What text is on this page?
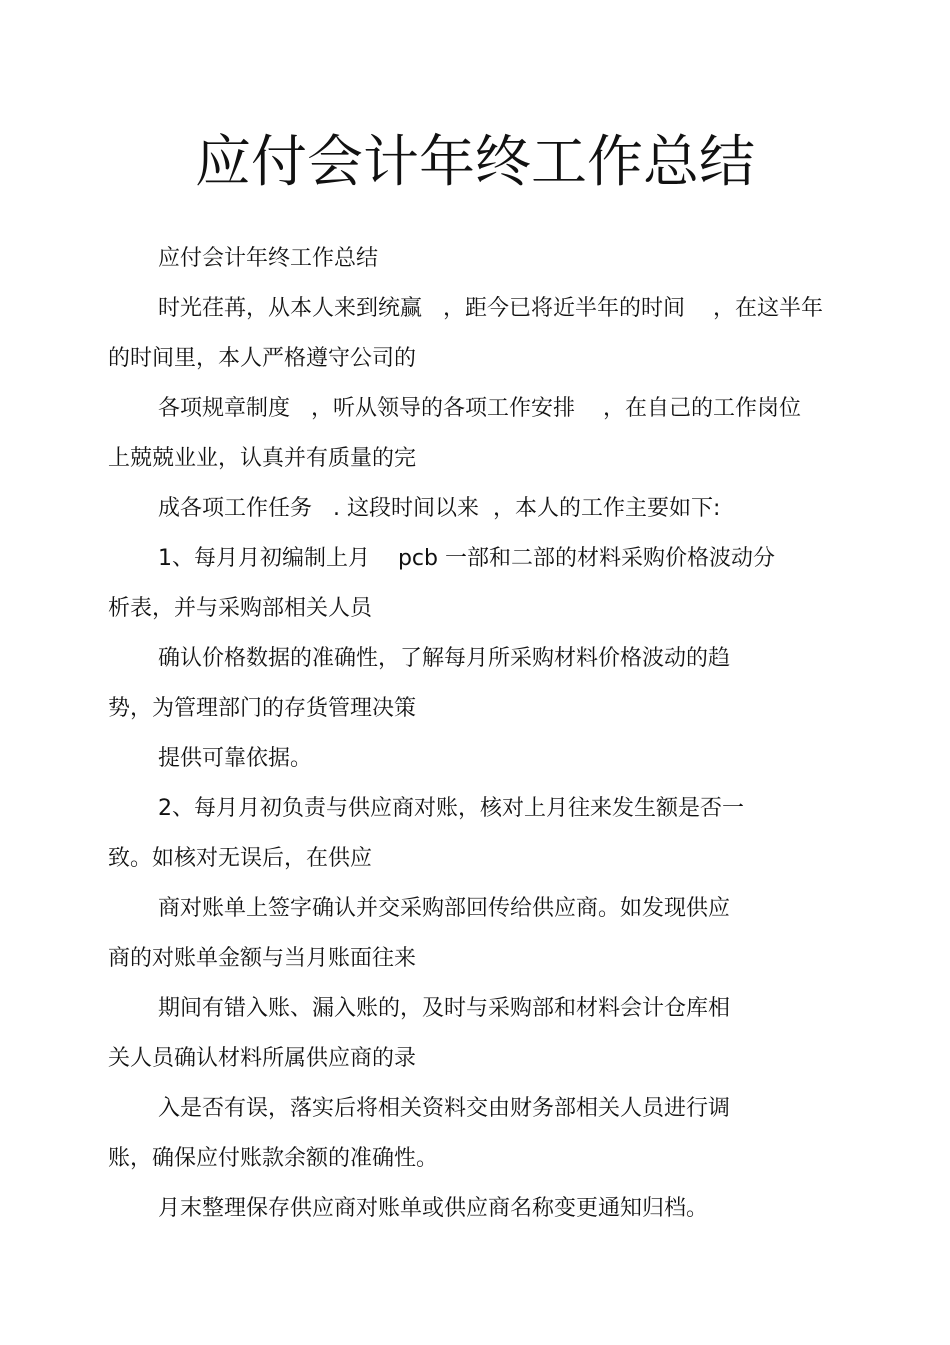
应付会计年终工作总结

应付会计年终工作总结

时光荏苒，从本人来到统赢   ，距今已将近半年的时间    ，在这半年

的时间里，本人严格遵守公司的

各项规章制度   ，听从领导的各项工作安排    ，在自己的工作岗位

上兢兢业业，认真并有质量的完

成各项工作任务   . 这段时间以来  ，本人的工作主要如下:

1、每月月初编制上月    pcb 一部和二部的材料采购价格波动分

析表，并与采购部相关人员

确认价格数据的准确性，了解每月所采购材料价格波动的趋

势，为管理部门的存货管理决策

提供可靠依据。

2、每月月初负责与供应商对账，核对上月往来发生额是否一

致。如核对无误后，在供应

商对账单上签字确认并交采购部回传给供应商。如发现供应

商的对账单金额与当月账面往来

期间有错入账、漏入账的，及时与采购部和材料会计仓库相

关人员确认材料所属供应商的录

入是否有误，落实后将相关资料交由财务部相关人员进行调

账，确保应付账款余额的准确性。

月末整理保存供应商对账单或供应商名称变更通知归档。
